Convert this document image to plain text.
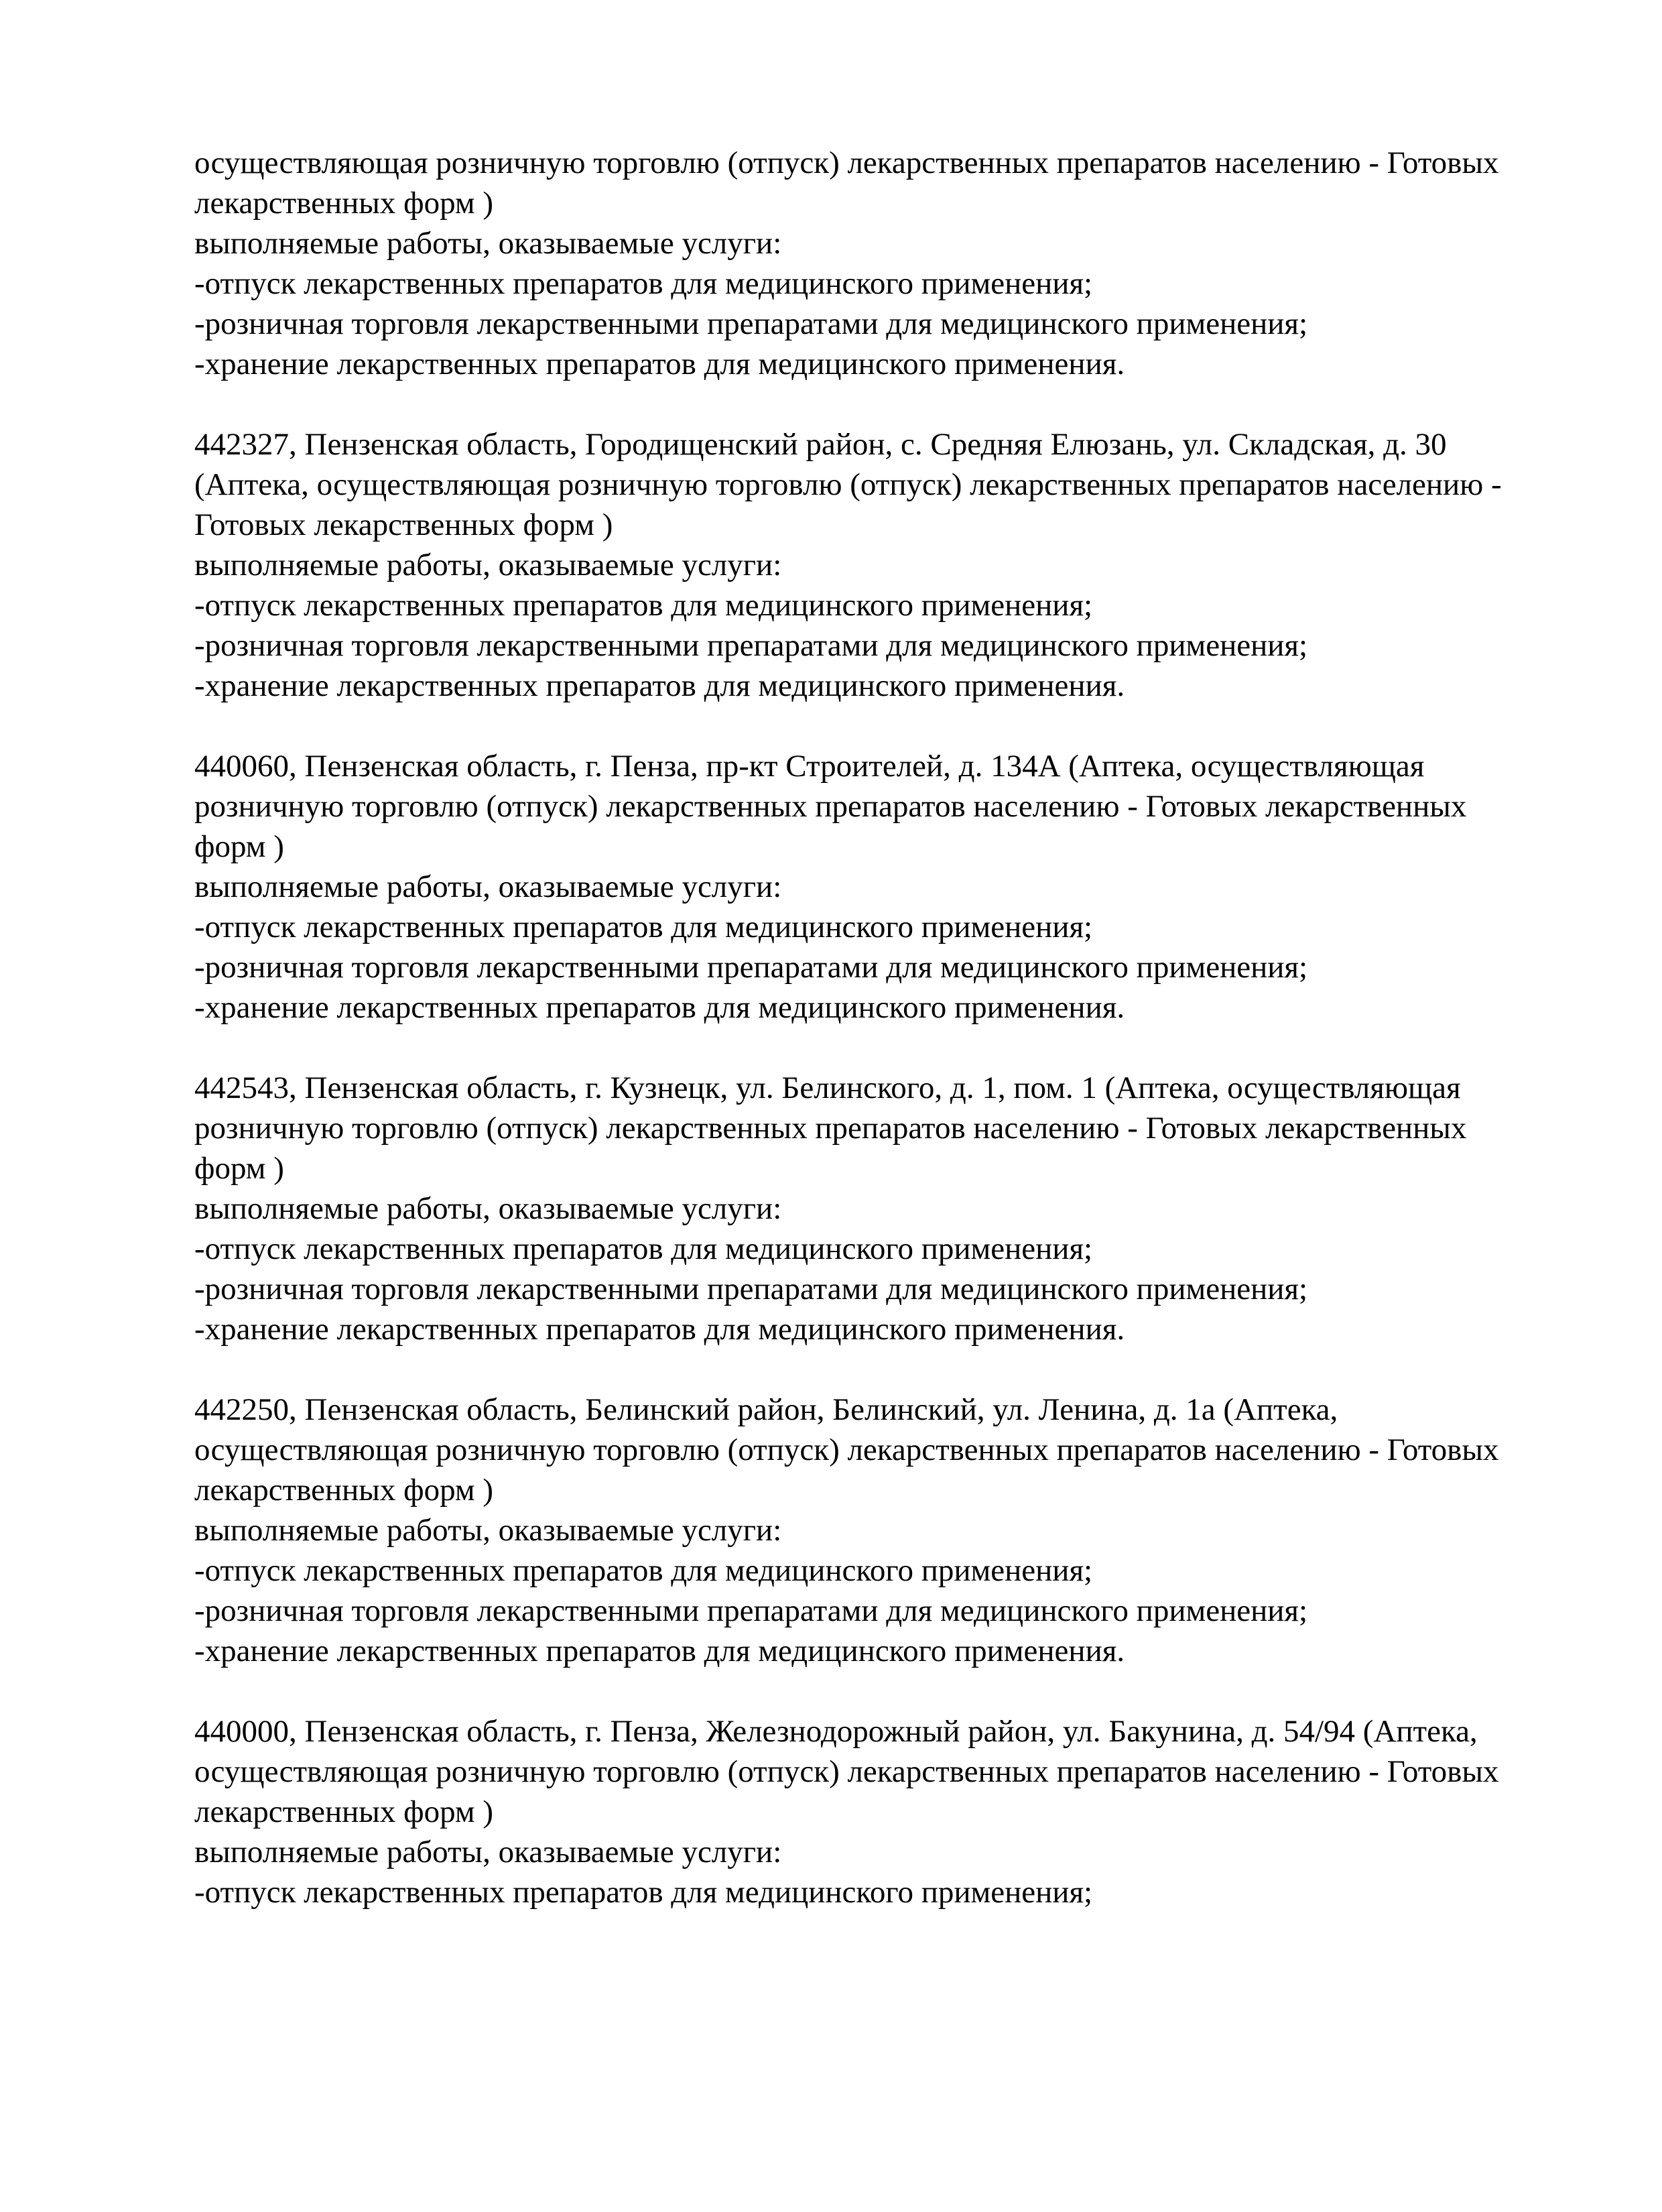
осуществляющая розничную торговлю (отпуск) лекарственных препаратов населению - Готовых
лекарственных форм )
выполняемые работы, оказываемые услуги:
-отпуск лекарственных препаратов для медицинского применения;
-розничная торговля лекарственными препаратами для медицинского применения;
-хранение лекарственных препаратов для медицинского применения.
442327, Пензенская область, Городищенский район, с. Средняя Елюзань, ул. Складская, д. 30
(Аптека, осуществляющая розничную торговлю (отпуск) лекарственных препаратов населению -
Готовых лекарственных форм )
выполняемые работы, оказываемые услуги:
-отпуск лекарственных препаратов для медицинского применения;
-розничная торговля лекарственными препаратами для медицинского применения;
-хранение лекарственных препаратов для медицинского применения.
440060, Пензенская область, г. Пенза, пр-кт Строителей, д. 134А (Аптека, осуществляющая
розничную торговлю (отпуск) лекарственных препаратов населению - Готовых лекарственных
форм )
выполняемые работы, оказываемые услуги:
-отпуск лекарственных препаратов для медицинского применения;
-розничная торговля лекарственными препаратами для медицинского применения;
-хранение лекарственных препаратов для медицинского применения.
442543, Пензенская область, г. Кузнецк, ул. Белинского, д. 1, пом. 1 (Аптека, осуществляющая
розничную торговлю (отпуск) лекарственных препаратов населению - Готовых лекарственных
форм )
выполняемые работы, оказываемые услуги:
-отпуск лекарственных препаратов для медицинского применения;
-розничная торговля лекарственными препаратами для медицинского применения;
-хранение лекарственных препаратов для медицинского применения.
442250, Пензенская область, Белинский район, Белинский, ул. Ленина, д. 1а (Аптека,
осуществляющая розничную торговлю (отпуск) лекарственных препаратов населению - Готовых
лекарственных форм )
выполняемые работы, оказываемые услуги:
-отпуск лекарственных препаратов для медицинского применения;
-розничная торговля лекарственными препаратами для медицинского применения;
-хранение лекарственных препаратов для медицинского применения.
440000, Пензенская область, г. Пенза, Железнодорожный район, ул. Бакунина, д. 54/94 (Аптека,
осуществляющая розничную торговлю (отпуск) лекарственных препаратов населению - Готовых
лекарственных форм )
выполняемые работы, оказываемые услуги:
-отпуск лекарственных препаратов для медицинского применения;
